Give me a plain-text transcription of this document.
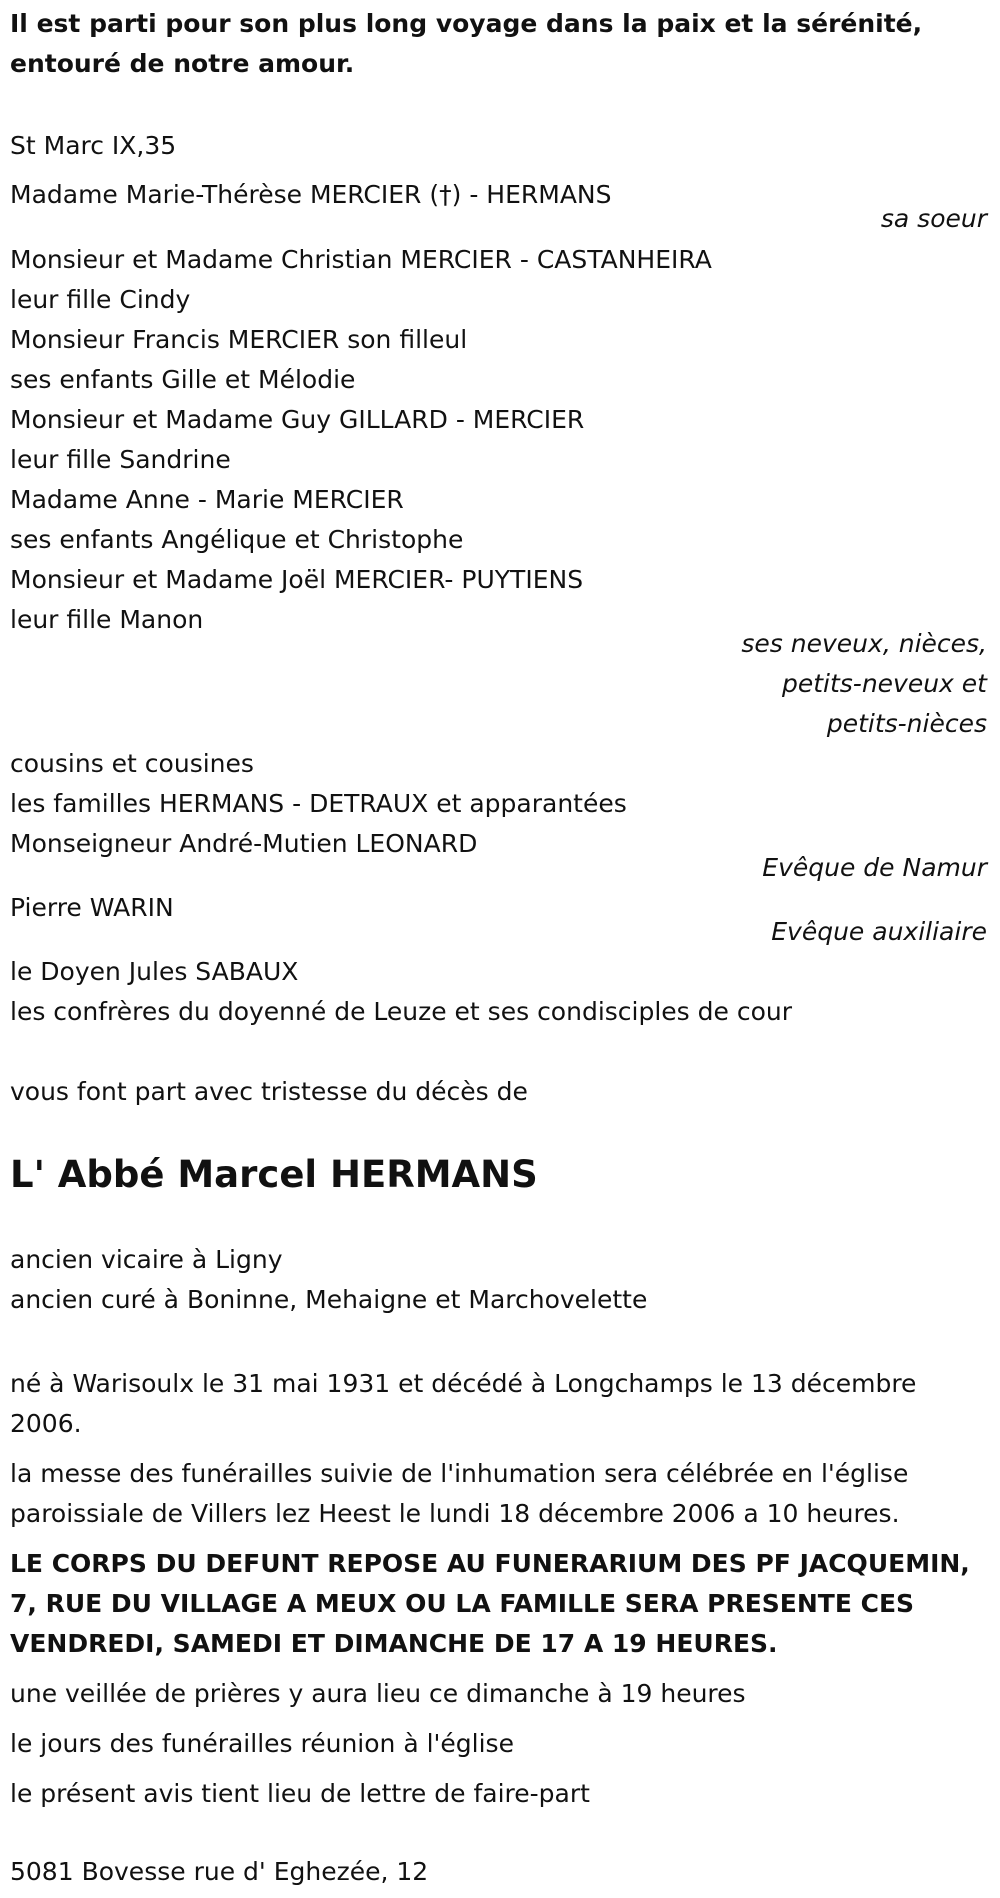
Il est parti pour son plus long voyage dans la paix et la sérénité, entouré de notre amour.
St Marc IX,35
Madame Marie-Thérèse MERCIER (†) - HERMANS
sa soeur
Monsieur et Madame Christian MERCIER - CASTANHEIRA
leur fille Cindy
Monsieur Francis MERCIER son filleul
ses enfants Gille et Mélodie
Monsieur et Madame Guy GILLARD - MERCIER
leur fille Sandrine
Madame Anne - Marie MERCIER
ses enfants Angélique et Christophe
Monsieur et Madame Joël MERCIER- PUYTIENS
leur fille Manon
ses neveux, nièces,
petits-neveux et
petits-nièces
cousins et cousines
les familles HERMANS - DETRAUX et apparantées
Monseigneur André-Mutien LEONARD
Evêque de Namur
Pierre WARIN
Evêque auxiliaire
le Doyen Jules SABAUX
les confrères du doyenné de Leuze et ses condisciples de cour
vous font part avec tristesse du décès de
L' Abbé Marcel HERMANS
ancien vicaire à Ligny
ancien curé à Boninne, Mehaigne et Marchovelette
né à Warisoulx le 31 mai 1931 et décédé à Longchamps le 13 décembre 2006.
la messe des funérailles suivie de l'inhumation sera célébrée en l'église paroissiale de Villers lez Heest le lundi 18 décembre 2006 a 10 heures.
LE CORPS DU DEFUNT REPOSE AU FUNERARIUM DES PF JACQUEMIN, 7, RUE DU VILLAGE A MEUX OU LA FAMILLE SERA PRESENTE CES VENDREDI, SAMEDI ET DIMANCHE DE 17 A 19 HEURES.
une veillée de prières y aura lieu ce dimanche à 19 heures
le jours des funérailles réunion à l'église
le présent avis tient lieu de lettre de faire-part
5081 Bovesse rue d' Eghezée, 12
